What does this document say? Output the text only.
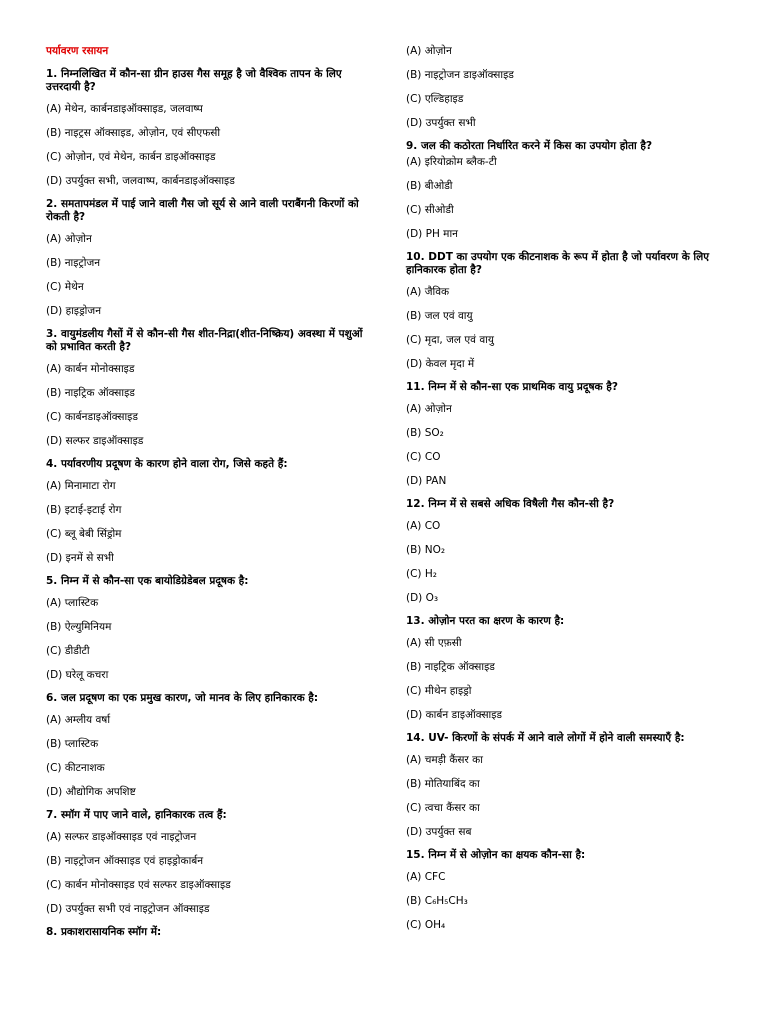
पर्यावरण रसायन
1. निम्नलिखित में कौन-सा ग्रीन हाउस गैस समूह है जो वैश्विक तापन के लिए उत्तरदायी है?
(A) मेथेन, कार्बनडाइऑक्साइड, जलवाष्प
(B) नाइट्रस ऑक्साइड, ओज़ोन, एवं सीएफसी
(C) ओज़ोन, एवं मेथेन, कार्बन डाइऑक्साइड
(D) उपर्युक्त सभी, जलवाष्प, कार्बनडाइऑक्साइड
2. समतापमंडल में पाई जाने वाली गैस जो सूर्य से आने वाली पराबैंगनी किरणों को रोकती है?
(A) ओज़ोन
(B) नाइट्रोजन
(C) मेथेन
(D) हाइड्रोजन
3. वायुमंडलीय गैसों में से कौन-सी गैस शीत-निद्रा(शीत-निष्क्रिय) अवस्था में पशुओं को प्रभावित करती है?
(A) कार्बन मोनोक्साइड
(B) नाइट्रिक ऑक्साइड
(C) कार्बनडाइऑक्साइड
(D) सल्फर डाइऑक्साइड
4. पर्यावरणीय प्रदूषण के कारण होने वाला रोग, जिसे कहते हैं:
(A) मिनामाटा रोग
(B) इटाई-इटाई रोग
(C) ब्लू बेबी सिंड्रोम
(D) इनमें से सभी
5. निम्न में से कौन-सा एक बायोडिग्रेडेबल प्रदूषक है:
(A) प्लास्टिक
(B) ऐल्युमिनियम
(C) डीडीटी
(D) घरेलू कचरा
6. जल प्रदूषण का एक प्रमुख कारण, जो मानव के लिए हानिकारक है:
(A) अम्लीय वर्षा
(B) प्लास्टिक
(C) कीटनाशक
(D) औद्योगिक अपशिष्ट
7. स्मॉग में पाए जाने वाले, हानिकारक तत्व हैं:
(A) सल्फर डाइऑक्साइड एवं नाइट्रोजन
(B) नाइट्रोजन ऑक्साइड एवं हाइड्रोकार्बन
(C) कार्बन मोनोक्साइड एवं सल्फर डाइऑक्साइड
(D) उपर्युक्त सभी एवं नाइट्रोजन ऑक्साइड
8. प्रकाशरासायनिक स्मॉग में:
(A) ओज़ोन
(B) नाइट्रोजन डाइऑक्साइड
(C) एल्डिहाइड
(D) उपर्युक्त सभी
9. जल की कठोरता निर्धारित करने में किस का उपयोग होता है?
(A) इरियोक्रोम ब्लैक-टी
(B) बीओडी
(C) सीओडी
(D) PH मान
10. DDT का उपयोग एक कीटनाशक के रूप में होता है जो पर्यावरण के लिए हानिकारक होता है?
(A) जैविक
(B) जल एवं वायु
(C) मृदा, जल एवं वायु
(D) केवल मृदा में
11. निम्न में से कौन-सा एक प्राथमिक वायु प्रदूषक है?
(A) ओज़ोन
(B) SO₂
(C) CO
(D) PAN
12. निम्न में से सबसे अधिक विषैली गैस कौन-सी है?
(A) CO
(B) NO₂
(C) H₂
(D) O₃
13. ओज़ोन परत का क्षरण के कारण है:
(A) सी एफ़सी
(B) नाइट्रिक ऑक्साइड
(C) मीथेन हाइड्रो
(D) कार्बन डाइऑक्साइड
14. UV- किरणों के संपर्क में आने वाले लोगों में होने वाली समस्याएँ है:
(A) चमड़ी कैंसर का
(B) मोतियाबिंद का
(C) त्वचा कैंसर का
(D) उपर्युक्त सब
15. निम्न में से ओज़ोन का क्षयक कौन-सा है:
(A) CFC
(B) C₆H₅CH₃
(C) OH₄
